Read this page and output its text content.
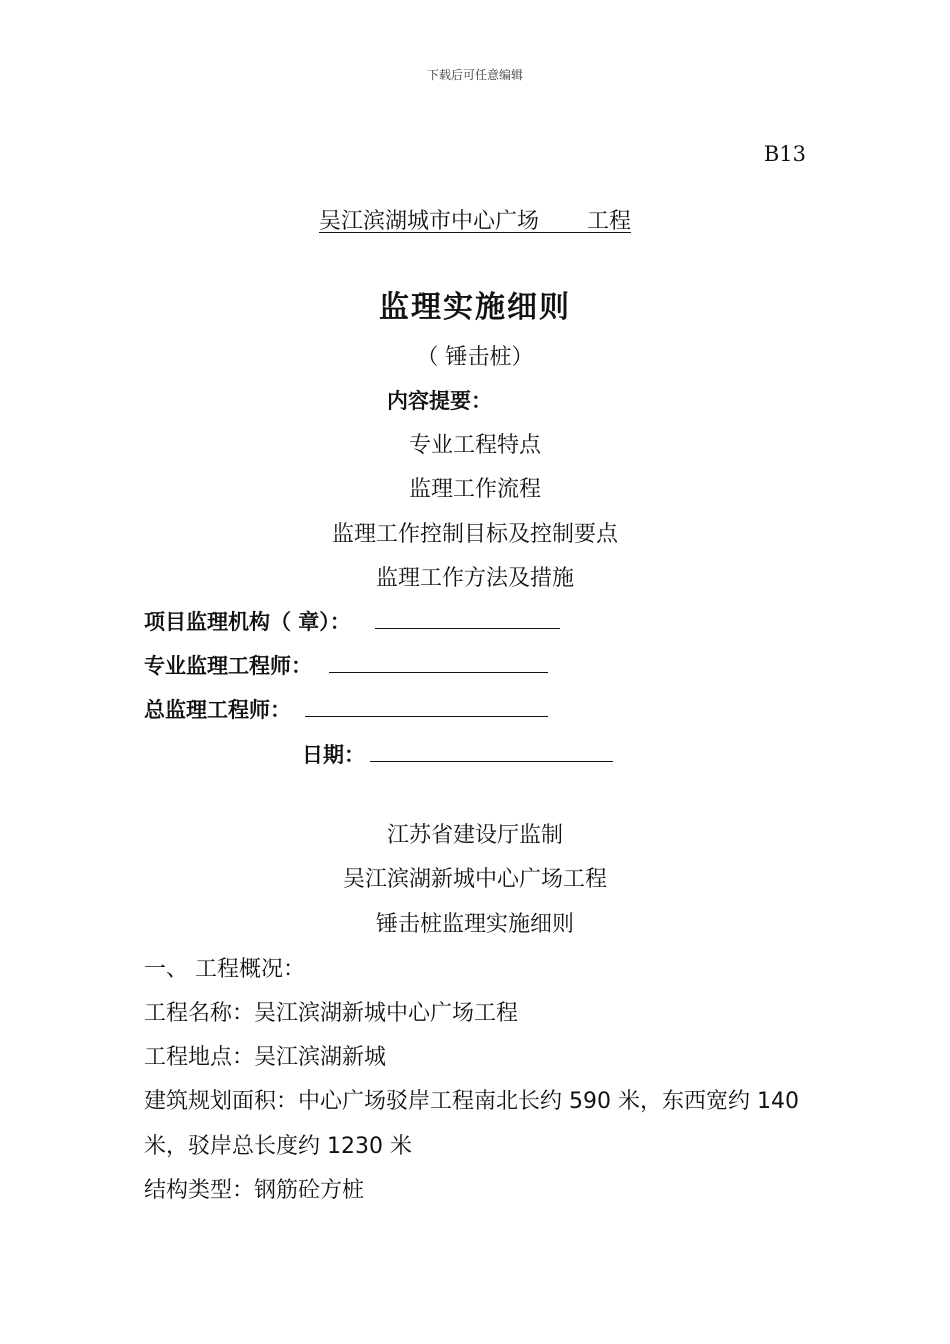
下载后可任意编辑
B13
吴江滨湖城市中心广场 工程
监理实施细则
（ 锤击桩）
内容提要：
专业工程特点
监理工作流程
监理工作控制目标及控制要点
监理工作方法及措施
项目监理机构（ 章）：
专业监理工程师：
总监理工程师：
日期：
江苏省建设厅监制
吴江滨湖新城中心广场工程
锤击桩监理实施细则
一、 工程概况：
工程名称：吴江滨湖新城中心广场工程
工程地点：吴江滨湖新城
建筑规划面积：中心广场驳岸工程南北长约 590 米，东西宽约 140
米，驳岸总长度约 1230 米
结构类型：钢筋砼方桩
